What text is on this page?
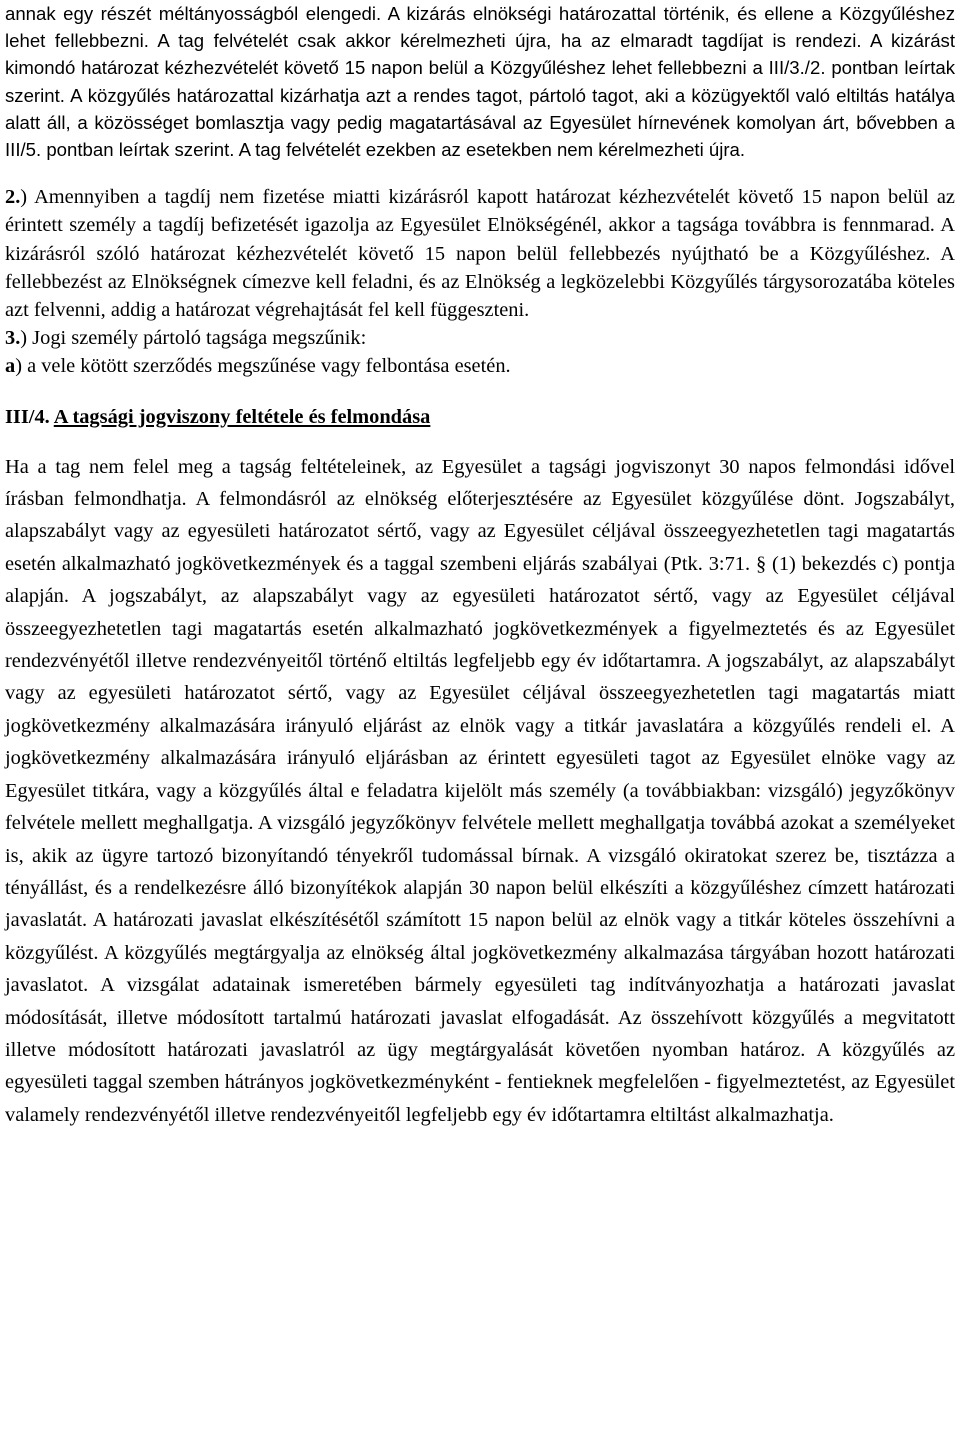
annak egy részét méltányosságból elengedi. A kizárás elnökségi határozattal történik, és ellene a Közgyűléshez lehet fellebbezni. A tag felvételét csak akkor kérelmezheti újra, ha az elmaradt tagdíjat is rendezi. A kizárást kimondó határozat kézhezvételét követő 15 napon belül a Közgyűléshez lehet fellebbezni a III/3./2. pontban leírtak szerint. A közgyűlés határozattal kizárhatja azt a rendes tagot, pártoló tagot, aki a közügyektől való eltiltás hatálya alatt áll, a közösséget bomlasztja vagy pedig magatartásával az Egyesület hírnevének komolyan árt, bővebben a III/5. pontban leírtak szerint. A tag felvételét ezekben az esetekben nem kérelmezheti újra.

2.) Amennyiben a tagdíj nem fizetése miatti kizárásról kapott határozat kézhezvételét követő 15 napon belül az érintett személy a tagdíj befizetését igazolja az Egyesület Elnökségénél, akkor a tagsága továbbra is fennmarad. A kizárásról szóló határozat kézhezvételét követő 15 napon belül fellebbezés nyújtható be a Közgyűléshez. A fellebbezést az Elnökségnek címezve kell feladni, és az Elnökség a legközelebbi Közgyűlés tárgysorozatába köteles azt felvenni, addig a határozat végrehajtását fel kell függeszteni.

3.) Jogi személy pártoló tagsága megszűnik:

a) a vele kötött szerződés megszűnése vagy felbontása esetén.

III/4. A tagsági jogviszony feltétele és felmondása

Ha a tag nem felel meg a tagság feltételeinek, az Egyesület a tagsági jogviszonyt 30 napos felmondási idővel írásban felmondhatja. A felmondásról az elnökség előterjesztésére az Egyesület közgyűlése dönt. Jogszabályt, alapszabályt vagy az egyesületi határozatot sértő, vagy az Egyesület céljával összeegyezhetetlen tagi magatartás esetén alkalmazható jogkövetkezmények és a taggal szembeni eljárás szabályai (Ptk. 3:71. § (1) bekezdés c) pontja alapján. A jogszabályt, az alapszabályt vagy az egyesületi határozatot sértő, vagy az Egyesület céljával összeegyezhetetlen tagi magatartás esetén alkalmazható jogkövetkezmények a figyelmeztetés és az Egyesület rendezvényétől illetve rendezvényeitől történő eltiltás legfeljebb egy év időtartamra. A jogszabályt, az alapszabályt vagy az egyesületi határozatot sértő, vagy az Egyesület céljával összeegyezhetetlen tagi magatartás miatt jogkövetkezmény alkalmazására irányuló eljárást az elnök vagy a titkár javaslatára a közgyűlés rendeli el. A jogkövetkezmény alkalmazására irányuló eljárásban az érintett egyesületi tagot az Egyesület elnöke vagy az Egyesület titkára, vagy a közgyűlés által e feladatra kijelölt más személy (a továbbiakban: vizsgáló) jegyzőkönyv felvétele mellett meghallgatja. A vizsgáló jegyzőkönyv felvétele mellett meghallgatja továbbá azokat a személyeket is, akik az ügyre tartozó bizonyítandó tényekről tudomással bírnak. A vizsgáló okiratokat szerez be, tisztázza a tényállást, és a rendelkezésre álló bizonyítékok alapján 30 napon belül elkészíti a közgyűléshez címzett határozati javaslatát. A határozati javaslat elkészítésétől számított 15 napon belül az elnök vagy a titkár köteles összehívni a közgyűlést. A közgyűlés megtárgyalja az elnökség által jogkövetkezmény alkalmazása tárgyában hozott határozati javaslatot. A vizsgálat adatainak ismeretében bármely egyesületi tag indítványozhatja a határozati javaslat módosítását, illetve módosított tartalmú határozati javaslat elfogadását. Az összehívott közgyűlés a megvitatott illetve módosított határozati javaslatról az ügy megtárgyalását követően nyomban határoz. A közgyűlés az egyesületi taggal szemben hátrányos jogkövetkezményként - fentieknek megfelelően - figyelmeztetést, az Egyesület valamely rendezvényétől illetve rendezvényeitől legfeljebb egy év időtartamra eltiltást alkalmazhatja.
